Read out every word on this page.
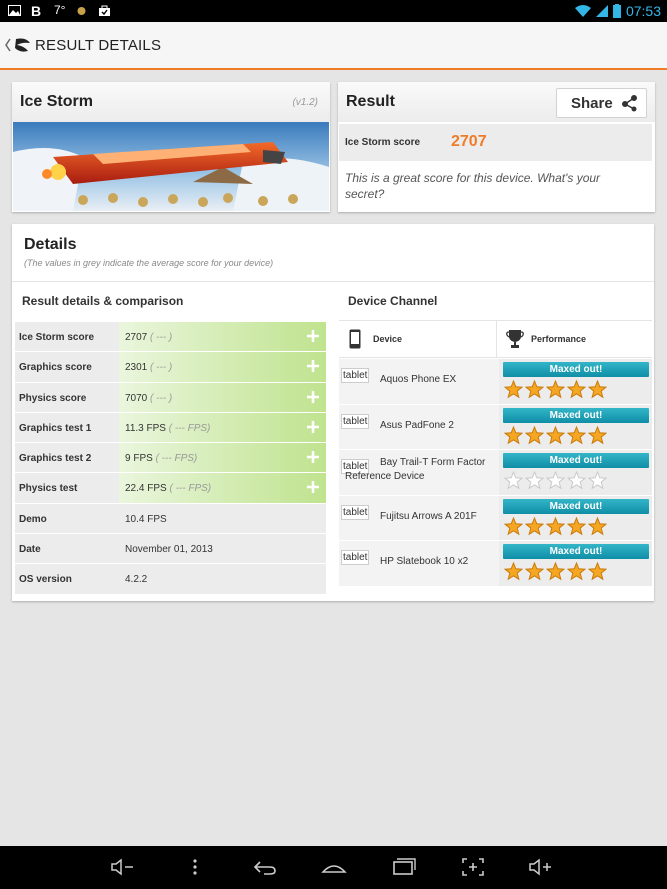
B 7°	07:53
RESULT DETAILS
Ice Storm	(v1.2) Result	Share
Ice Storm score 2707
This is a great score for this device. What's your secret?
Details
(The values in grey indicate the average score for your device)
Result details & comparison	Device Channel
Ice Storm score	2707 ( --- )
Graphics score	2301 ( --- )
Physics score	7070 ( --- )
Graphics test 1	11.3 FPS ( --- FPS)
Graphics test 2	9 FPS ( --- FPS)
Physics test	22.4 FPS ( --- FPS)
Demo	10.4 FPS
Date	November 01, 2013
OS version	4.2.2
Device	Performance
tablet Aquos Phone EX
Maxed out!
tablet Asus PadFone 2
Maxed out!
tablet	Bay Trail-T Form Factor Reference Device
Maxed out!
tablet Fujitsu Arrows A 201F
Maxed out!
tablet HP Slatebook 10 x2
Maxed out!
